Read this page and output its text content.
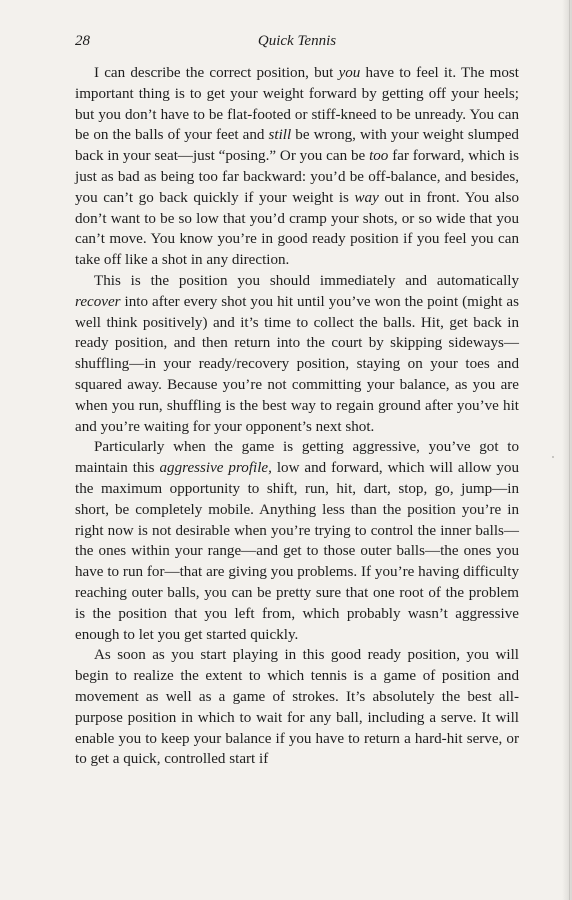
28	Quick Tennis

I can describe the correct position, but you have to feel it. The most important thing is to get your weight forward by getting off your heels; but you don’t have to be flat-footed or stiff-kneed to be unready. You can be on the balls of your feet and still be wrong, with your weight slumped back in your seat—just “posing.” Or you can be too far forward, which is just as bad as being too far backward: you’d be off-balance, and besides, you can’t go back quickly if your weight is way out in front. You also don’t want to be so low that you’d cramp your shots, or so wide that you can’t move. You know you’re in good ready position if you feel you can take off like a shot in any direction.

This is the position you should immediately and automatically recover into after every shot you hit until you’ve won the point (might as well think positively) and it’s time to collect the balls. Hit, get back in ready position, and then return into the court by skipping sideways—shuffling—in your ready/recovery position, staying on your toes and squared away. Because you’re not committing your balance, as you are when you run, shuffling is the best way to regain ground after you’ve hit and you’re waiting for your opponent’s next shot.

Particularly when the game is getting aggressive, you’ve got to maintain this aggressive profile, low and forward, which will allow you the maximum opportunity to shift, run, hit, dart, stop, go, jump—in short, be completely mobile. Anything less than the position you’re in right now is not desirable when you’re trying to control the inner balls—the ones within your range—and get to those outer balls—the ones you have to run for—that are giving you problems. If you’re having difficulty reaching outer balls, you can be pretty sure that one root of the problem is the position that you left from, which probably wasn’t aggressive enough to let you get started quickly.

As soon as you start playing in this good ready position, you will begin to realize the extent to which tennis is a game of position and movement as well as a game of strokes. It’s absolutely the best all-purpose position in which to wait for any ball, including a serve. It will enable you to keep your balance if you have to return a hard-hit serve, or to get a quick, controlled start if
